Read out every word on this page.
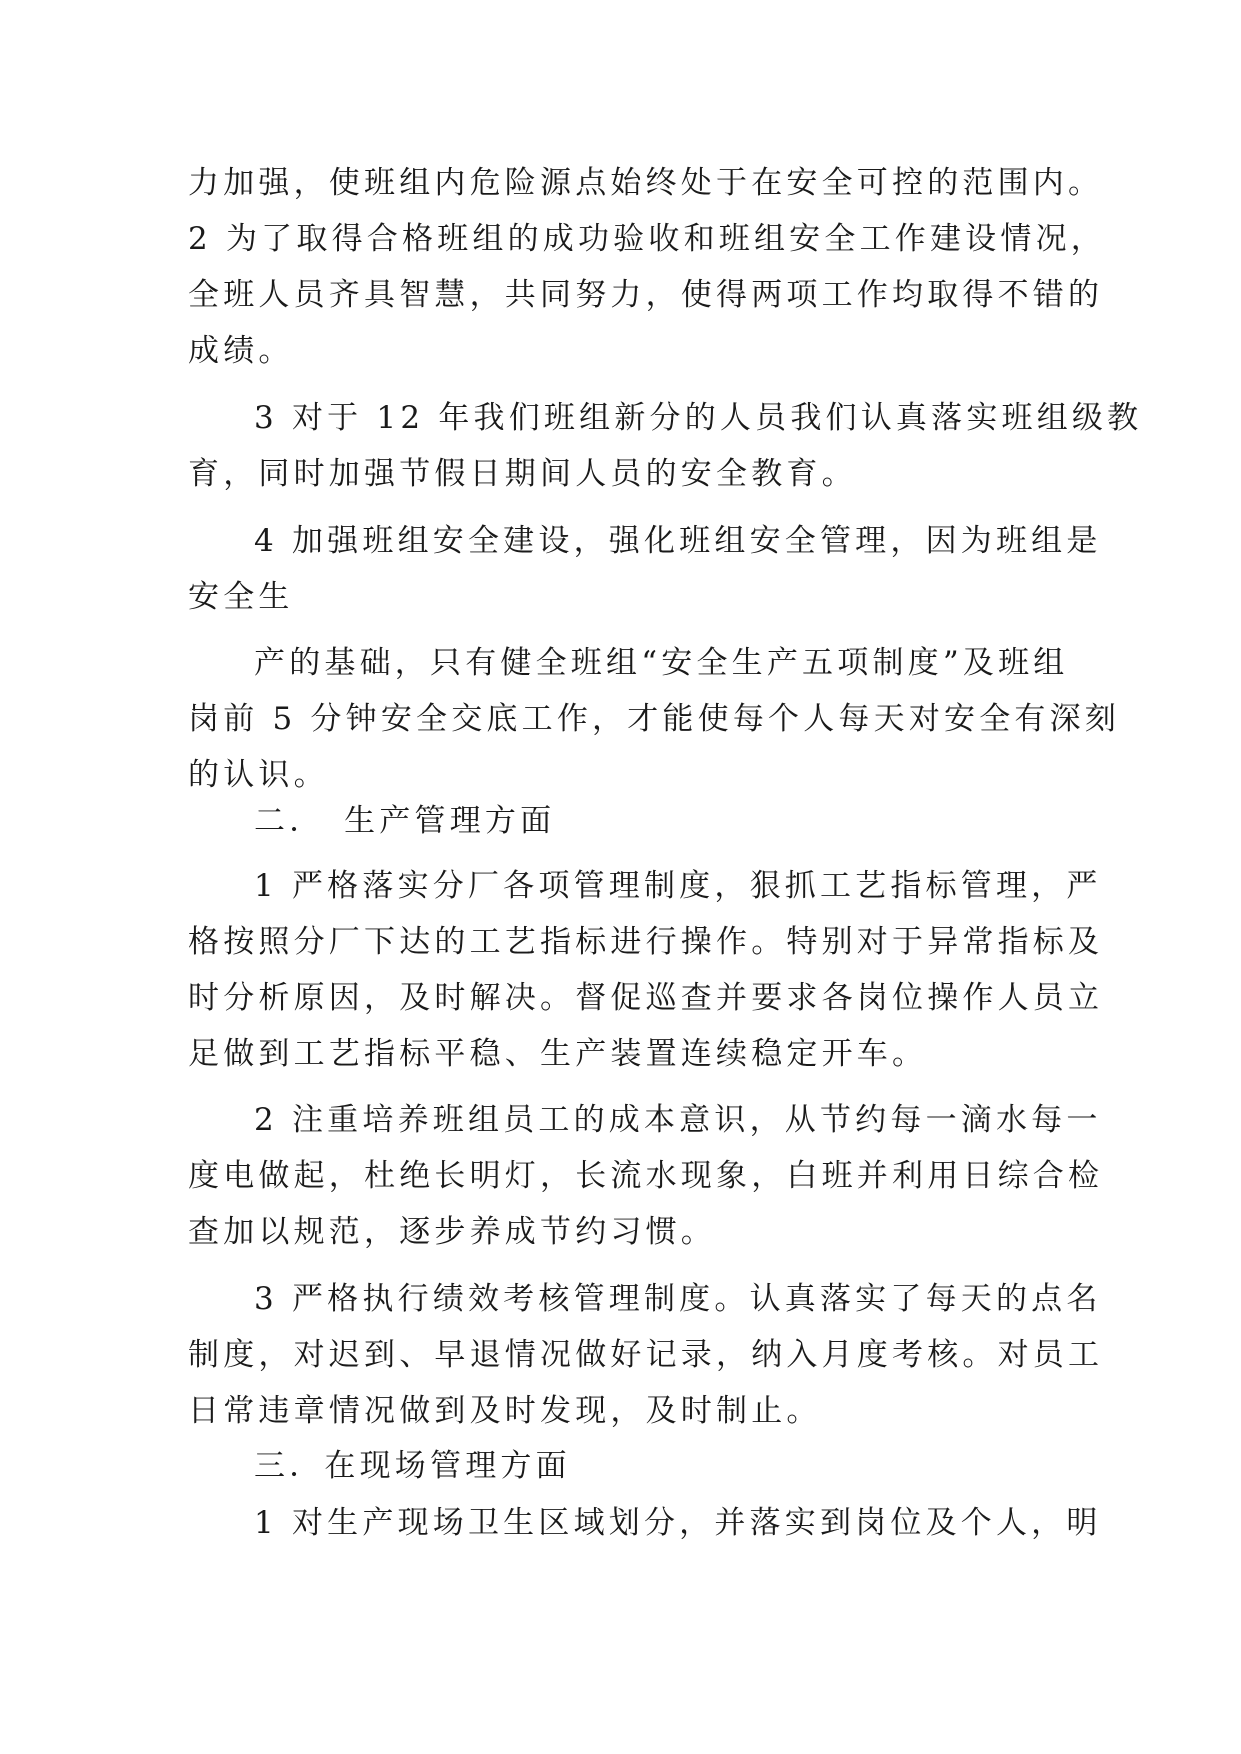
力加强，使班组内危险源点始终处于在安全可控的范围内。
2 为了取得合格班组的成功验收和班组安全工作建设情况，
全班人员齐具智慧，共同努力，使得两项工作均取得不错的
成绩。
3 对于 12 年我们班组新分的人员我们认真落实班组级教
育，同时加强节假日期间人员的安全教育。
4 加强班组安全建设，强化班组安全管理，因为班组是
安全生
产的基础，只有健全班组“安全生产五项制度”及班组
岗前 5 分钟安全交底工作，才能使每个人每天对安全有深刻
的认识。
二．　生产管理方面
1 严格落实分厂各项管理制度，狠抓工艺指标管理，严
格按照分厂下达的工艺指标进行操作。特别对于异常指标及
时分析原因，及时解决。督促巡查并要求各岗位操作人员立
足做到工艺指标平稳、生产装置连续稳定开车。
2 注重培养班组员工的成本意识，从节约每一滴水每一
度电做起，杜绝长明灯，长流水现象，白班并利用日综合检
查加以规范，逐步养成节约习惯。
3 严格执行绩效考核管理制度。认真落实了每天的点名
制度，对迟到、早退情况做好记录，纳入月度考核。对员工
日常违章情况做到及时发现，及时制止。
三．在现场管理方面
1 对生产现场卫生区域划分，并落实到岗位及个人，明
